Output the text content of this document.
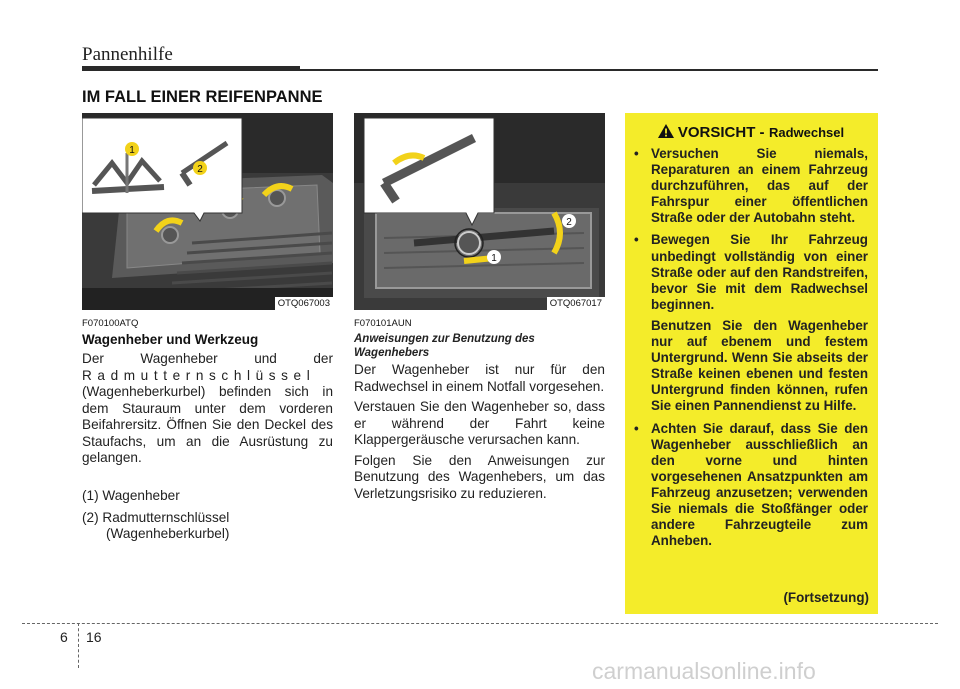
Pannenhilfe
IM FALL EINER REIFENPANNE
1
2
OTQ067003
1
2
OTQ067017
F070100ATQ
Wagenheber und Werkzeug

Der Wagenheber und der

Radmutternschlüssel

(Wagenheberkurbel) befinden sich in dem Stauraum unter dem vorderen Beifahrersitz. Öffnen Sie den Deckel des Staufachs, um an die Ausrüstung zu gelangen.

(1) Wagenheber
(2) Radmutternschlüssel
(Wagenheberkurbel)
F070101AUN
Anweisungen zur Benutzung des Wagenhebers

Der Wagenheber ist nur für den Radwechsel in einem Notfall vorgesehen.

Verstauen Sie den Wagenheber so, dass er während der Fahrt keine Klappergeräusche verursachen kann.

Folgen Sie den Anweisungen zur Benutzung des Wagenhebers, um das Verletzungsrisiko zu reduzieren.

VORSICHT - Radwechsel
• Versuchen Sie niemals, Reparaturen an einem Fahrzeug durchzuführen, das auf der Fahrspur einer öffentlichen Straße oder der Autobahn steht.

• Bewegen Sie Ihr Fahrzeug unbedingt vollständig von einer Straße oder auf den Randstreifen, bevor Sie mit dem Radwechsel beginnen.

Benutzen Sie den Wagenheber nur auf ebenem und festem Untergrund. Wenn Sie abseits der Straße keinen ebenen und festen Untergrund finden können, rufen Sie einen Pannendienst zu Hilfe.

• Achten Sie darauf, dass Sie den Wagenheber ausschließlich an den vorne und hinten vorgesehenen Ansatzpunkten am Fahrzeug anzusetzen; verwenden Sie niemals die Stoßfänger oder andere Fahrzeugteile zum Anheben.

(Fortsetzung)
6 16
carmanualsonline.info
